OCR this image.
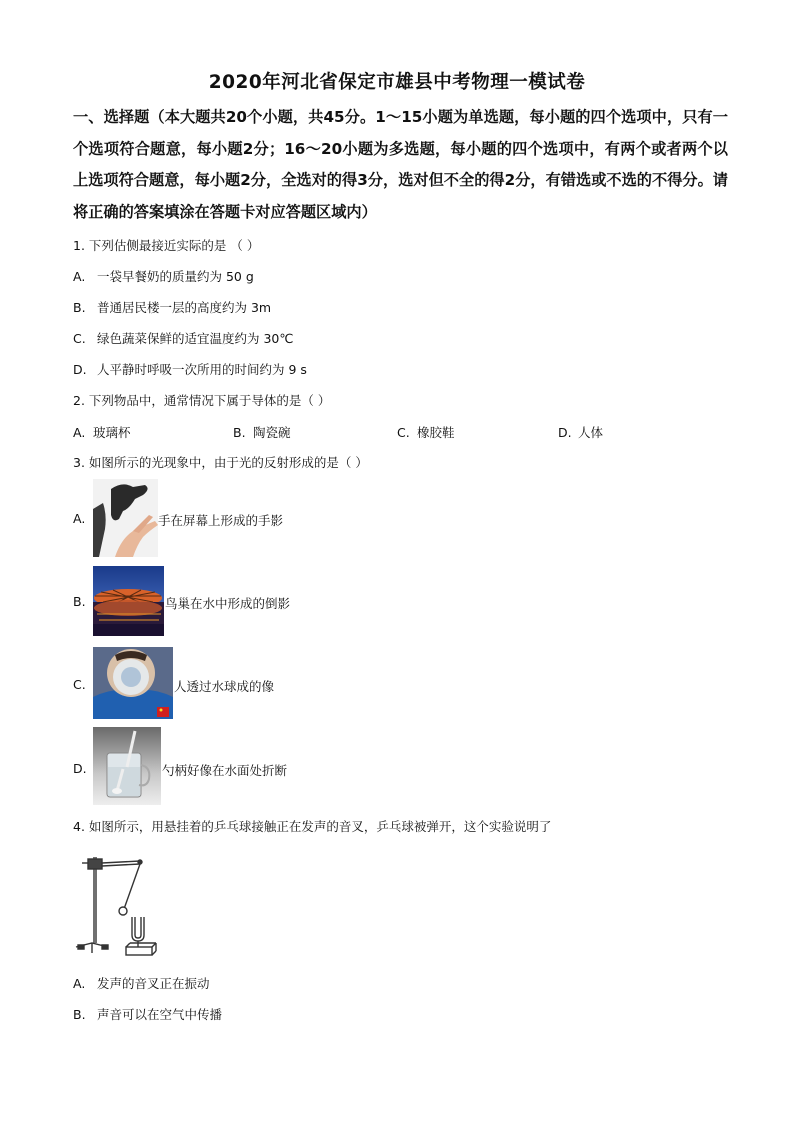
2020年河北省保定市雄县中考物理一模试卷
一、选择题（本大题共20个小题，共45分。1～15小题为单选题，每小题的四个选项中，只有一个选项符合题意，每小题2分；16～20小题为多选题，每小题的四个选项中，有两个或者两个以上选项符合题意，每小题2分，全选对的得3分，选对但不全的得2分，有错选或不选的不得分。请将正确的答案填涂在答题卡对应答题区域内）
1. 下列估侧最接近实际的是 （ ）
A. 一袋早餐奶的质量约为 50 g
B. 普通居民楼一层的高度约为 3m
C. 绿色蔬菜保鲜的适宜温度约为 30℃
D. 人平静时呼吸一次所用的时间约为 9 s
2. 下列物品中，通常情况下属于导体的是（ ）
A. 玻璃杯	B. 陶瓷碗	C. 橡胶鞋	D. 人体
3. 如图所示的光现象中，由于光的反射形成的是（ ）
A.	手在屏幕上形成的手影
B.	鸟巢在水中形成的倒影
C.	人透过水球成的像
D.	勺柄好像在水面处折断
4. 如图所示，用悬挂着的乒乓球接触正在发声的音叉，乒乓球被弹开，这个实验说明了
A. 发声的音叉正在振动
B. 声音可以在空气中传播
